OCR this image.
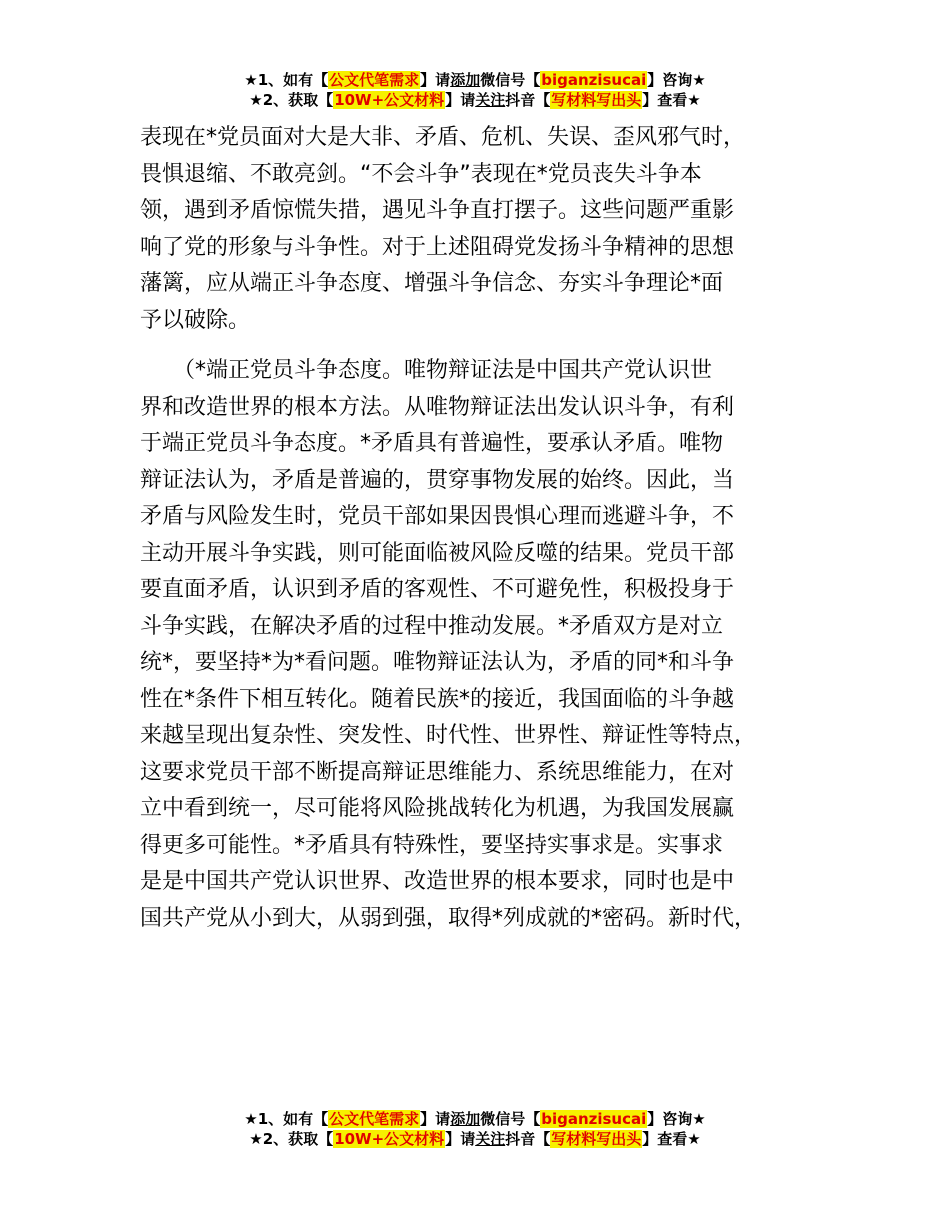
★1、如有【公文代笔需求】请添加微信号【biganzisucai】咨询★
★2、获取【10W+公文材料】请关注抖音【写材料写出头】查看★
表现在*党员面对大是大非、矛盾、危机、失误、歪风邪气时，
畏惧退缩、不敢亮剑。“不会斗争”表现在*党员丧失斗争本
领，遇到矛盾惊慌失措，遇见斗争直打摆子。这些问题严重影
响了党的形象与斗争性。对于上述阻碍党发扬斗争精神的思想
藩篱，应从端正斗争态度、增强斗争信念、夯实斗争理论*面
予以破除。
　　（*端正党员斗争态度。唯物辩证法是中国共产党认识世
界和改造世界的根本方法。从唯物辩证法出发认识斗争，有利
于端正党员斗争态度。*矛盾具有普遍性，要承认矛盾。唯物
辩证法认为，矛盾是普遍的，贯穿事物发展的始终。因此，当
矛盾与风险发生时，党员干部如果因畏惧心理而逃避斗争，不
主动开展斗争实践，则可能面临被风险反噬的结果。党员干部
要直面矛盾，认识到矛盾的客观性、不可避免性，积极投身于
斗争实践，在解决矛盾的过程中推动发展。*矛盾双方是对立
统*，要坚持*为*看问题。唯物辩证法认为，矛盾的同*和斗争
性在*条件下相互转化。随着民族*的接近，我国面临的斗争越
来越呈现出复杂性、突发性、时代性、世界性、辩证性等特点，
这要求党员干部不断提高辩证思维能力、系统思维能力，在对
立中看到统一，尽可能将风险挑战转化为机遇，为我国发展赢
得更多可能性。*矛盾具有特殊性，要坚持实事求是。实事求
是是中国共产党认识世界、改造世界的根本要求，同时也是中
国共产党从小到大，从弱到强，取得*列成就的*密码。新时代，
★1、如有【公文代笔需求】请添加微信号【biganzisucai】咨询★
★2、获取【10W+公文材料】请关注抖音【写材料写出头】查看★
